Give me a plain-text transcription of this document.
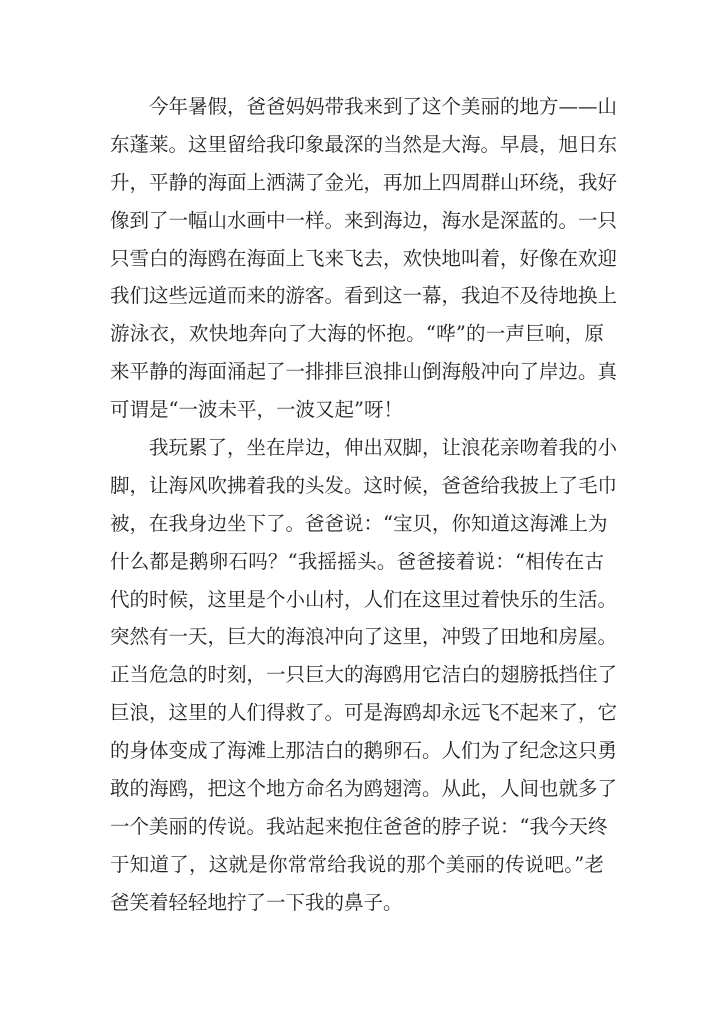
今年暑假，爸爸妈妈带我来到了这个美丽的地方——山
东蓬莱。这里留给我印象最深的当然是大海。早晨，旭日东
升，平静的海面上洒满了金光，再加上四周群山环绕，我好
像到了一幅山水画中一样。来到海边，海水是深蓝的。一只
只雪白的海鸥在海面上飞来飞去，欢快地叫着，好像在欢迎
我们这些远道而来的游客。看到这一幕，我迫不及待地换上
游泳衣，欢快地奔向了大海的怀抱。“哗”的一声巨响，原
来平静的海面涌起了一排排巨浪排山倒海般冲向了岸边。真
可谓是“一波未平，一波又起”呀！
我玩累了，坐在岸边，伸出双脚，让浪花亲吻着我的小
脚，让海风吹拂着我的头发。这时候，爸爸给我披上了毛巾
被，在我身边坐下了。爸爸说：“宝贝，你知道这海滩上为
什么都是鹅卵石吗？“我摇摇头。爸爸接着说：“相传在古
代的时候，这里是个小山村，人们在这里过着快乐的生活。
突然有一天，巨大的海浪冲向了这里，冲毁了田地和房屋。
正当危急的时刻，一只巨大的海鸥用它洁白的翅膀抵挡住了
巨浪，这里的人们得救了。可是海鸥却永远飞不起来了，它
的身体变成了海滩上那洁白的鹅卵石。人们为了纪念这只勇
敢的海鸥，把这个地方命名为鸥翅湾。从此，人间也就多了
一个美丽的传说。我站起来抱住爸爸的脖子说：“我今天终
于知道了，这就是你常常给我说的那个美丽的传说吧。”老
爸笑着轻轻地拧了一下我的鼻子。
